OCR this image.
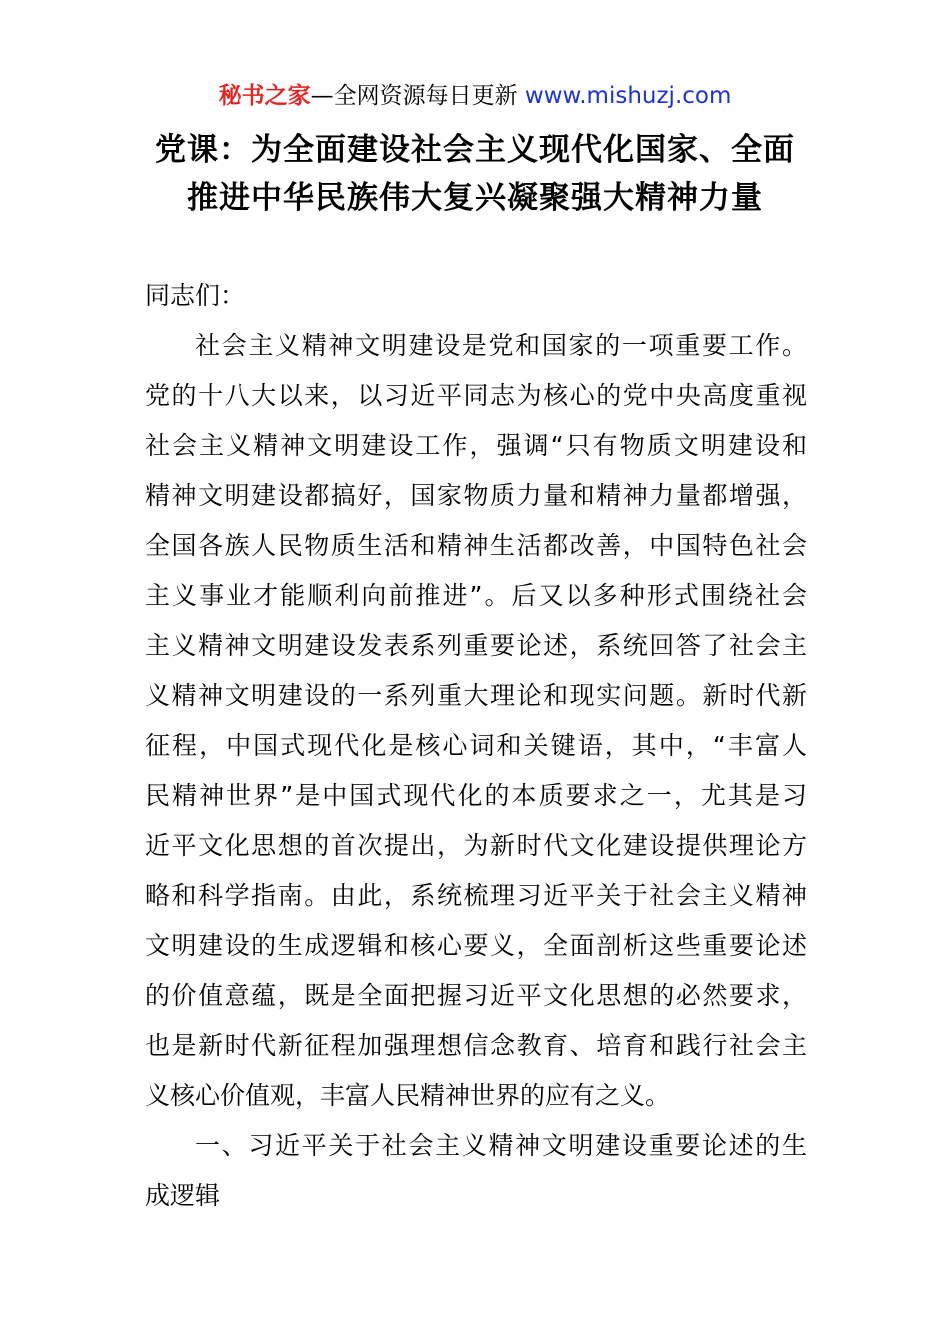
秘书之家—全网资源每日更新 www.mishuzj.com
党课：为全面建设社会主义现代化国家、全面
推进中华民族伟大复兴凝聚强大精神力量
同志们：
社会主义精神文明建设是党和国家的一项重要工作。
党的十八大以来，以习近平同志为核心的党中央高度重视
社会主义精神文明建设工作，强调“只有物质文明建设和
精神文明建设都搞好，国家物质力量和精神力量都增强，
全国各族人民物质生活和精神生活都改善，中国特色社会
主义事业才能顺利向前推进”。后又以多种形式围绕社会
主义精神文明建设发表系列重要论述，系统回答了社会主
义精神文明建设的一系列重大理论和现实问题。新时代新
征程，中国式现代化是核心词和关键语，其中，“丰富人
民精神世界”是中国式现代化的本质要求之一，尤其是习
近平文化思想的首次提出，为新时代文化建设提供理论方
略和科学指南。由此，系统梳理习近平关于社会主义精神
文明建设的生成逻辑和核心要义，全面剖析这些重要论述
的价值意蕴，既是全面把握习近平文化思想的必然要求，
也是新时代新征程加强理想信念教育、培育和践行社会主
义核心价值观，丰富人民精神世界的应有之义。
一、习近平关于社会主义精神文明建设重要论述的生
成逻辑
